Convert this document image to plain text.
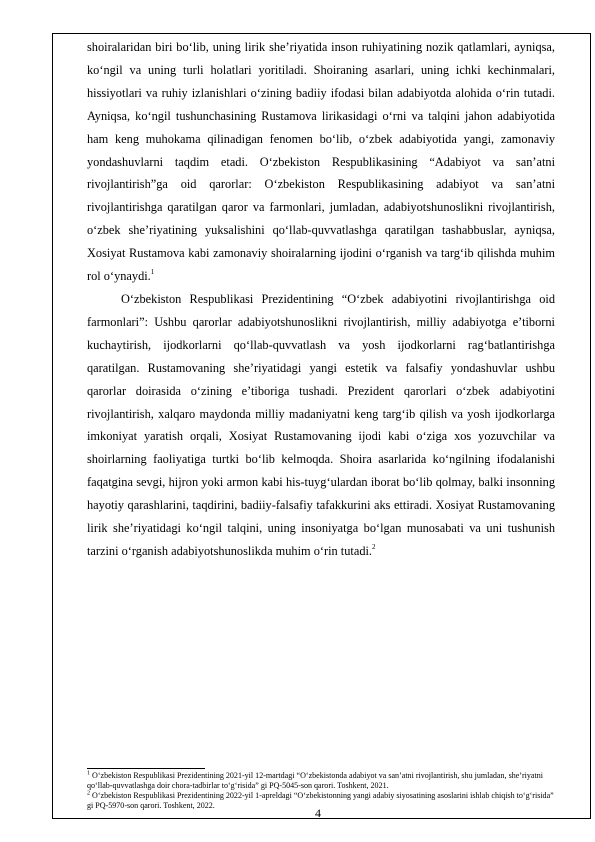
shoiralaridan biri bo‘lib, uning lirik she’riyatida inson ruhiyatining nozik qatlamlari, ayniqsa, ko‘ngil va uning turli holatlari yoritiladi. Shoiraning asarlari, uning ichki kechinmalari, hissiyotlari va ruhiy izlanishlari o‘zining badiiy ifodasi bilan adabiyotda alohida o‘rin tutadi. Ayniqsa, ko‘ngil tushunchasining Rustamova lirikasidagi o‘rni va talqini jahon adabiyotida ham keng muhokama qilinadigan fenomen bo‘lib, o‘zbek adabiyotida yangi, zamonaviy yondashuvlarni taqdim etadi. O‘zbekiston Respublikasining “Adabiyot va san’atni rivojlantirish”ga oid qarorlar: O‘zbekiston Respublikasining adabiyot va san’atni rivojlantirishga qaratilgan qaror va farmonlari, jumladan, adabiyotshunoslikni rivojlantirish, o‘zbek she’riyatining yuksalishini qo‘llab-quvvatlashga qaratilgan tashabbuslar, ayniqsa, Xosiyat Rustamova kabi zamonaviy shoiralarning ijodini o‘rganish va targ‘ib qilishda muhim rol o‘ynaydi.$^1$

O‘zbekiston Respublikasi Prezidentining “O‘zbek adabiyotini rivojlantirishga oid farmonlari”: Ushbu qarorlar adabiyotshunoslikni rivojlantirish, milliy adabiyotga e’tiborni kuchaytirish, ijodkorlarni qo‘llab-quvvatlash va yosh ijodkorlarni rag‘batlantirishga qaratilgan. Rustamovaning she’riyatidagi yangi estetik va falsafiy yondashuvlar ushbu qarorlar doirasida o‘zining e’tiboriga tushadi. Prezident qarorlari o‘zbek adabiyotini rivojlantirish, xalqaro maydonda milliy madaniyatni keng targ‘ib qilish va yosh ijodkorlarga imkoniyat yaratish orqali, Xosiyat Rustamovaning ijodi kabi o‘ziga xos yozuvchilar va shoirlarning faoliyatiga turtki bo‘lib kelmoqda. Shoira asarlarida ko‘ngilning ifodalanishi faqatgina sevgi, hijron yoki armon kabi his-tuyg‘ulardan iborat bo‘lib qolmay, balki insonning hayotiy qarashlarini, taqdirini, badiiy-falsafiy tafakkurini aks ettiradi. Xosiyat Rustamovaning lirik she’riyatidagi ko‘ngil talqini, uning insoniyatga bo‘lgan munosabati va uni tushunish tarzini o‘rganish adabiyotshunoslikda muhim o‘rin tutadi.$^2$

$^1$ O‘zbekiston Respublikasi Prezidentining 2021-yil 12-martdagi “O‘zbekistonda adabiyot va san’atni rivojlantirish, shu jumladan, she’riyatni qo‘llab-quvvatlashga doir chora-tadbirlar to‘g‘risida” gi PQ-5045-son qarori. Toshkent, 2021.

$^2$ O‘zbekiston Respublikasi Prezidentining 2022-yil 1-apreldagi “O‘zbekistonning yangi adabiy siyosatining asoslarini ishlab chiqish to‘g‘risida” gi PQ-5970-son qarori. Toshkent, 2022.

4
